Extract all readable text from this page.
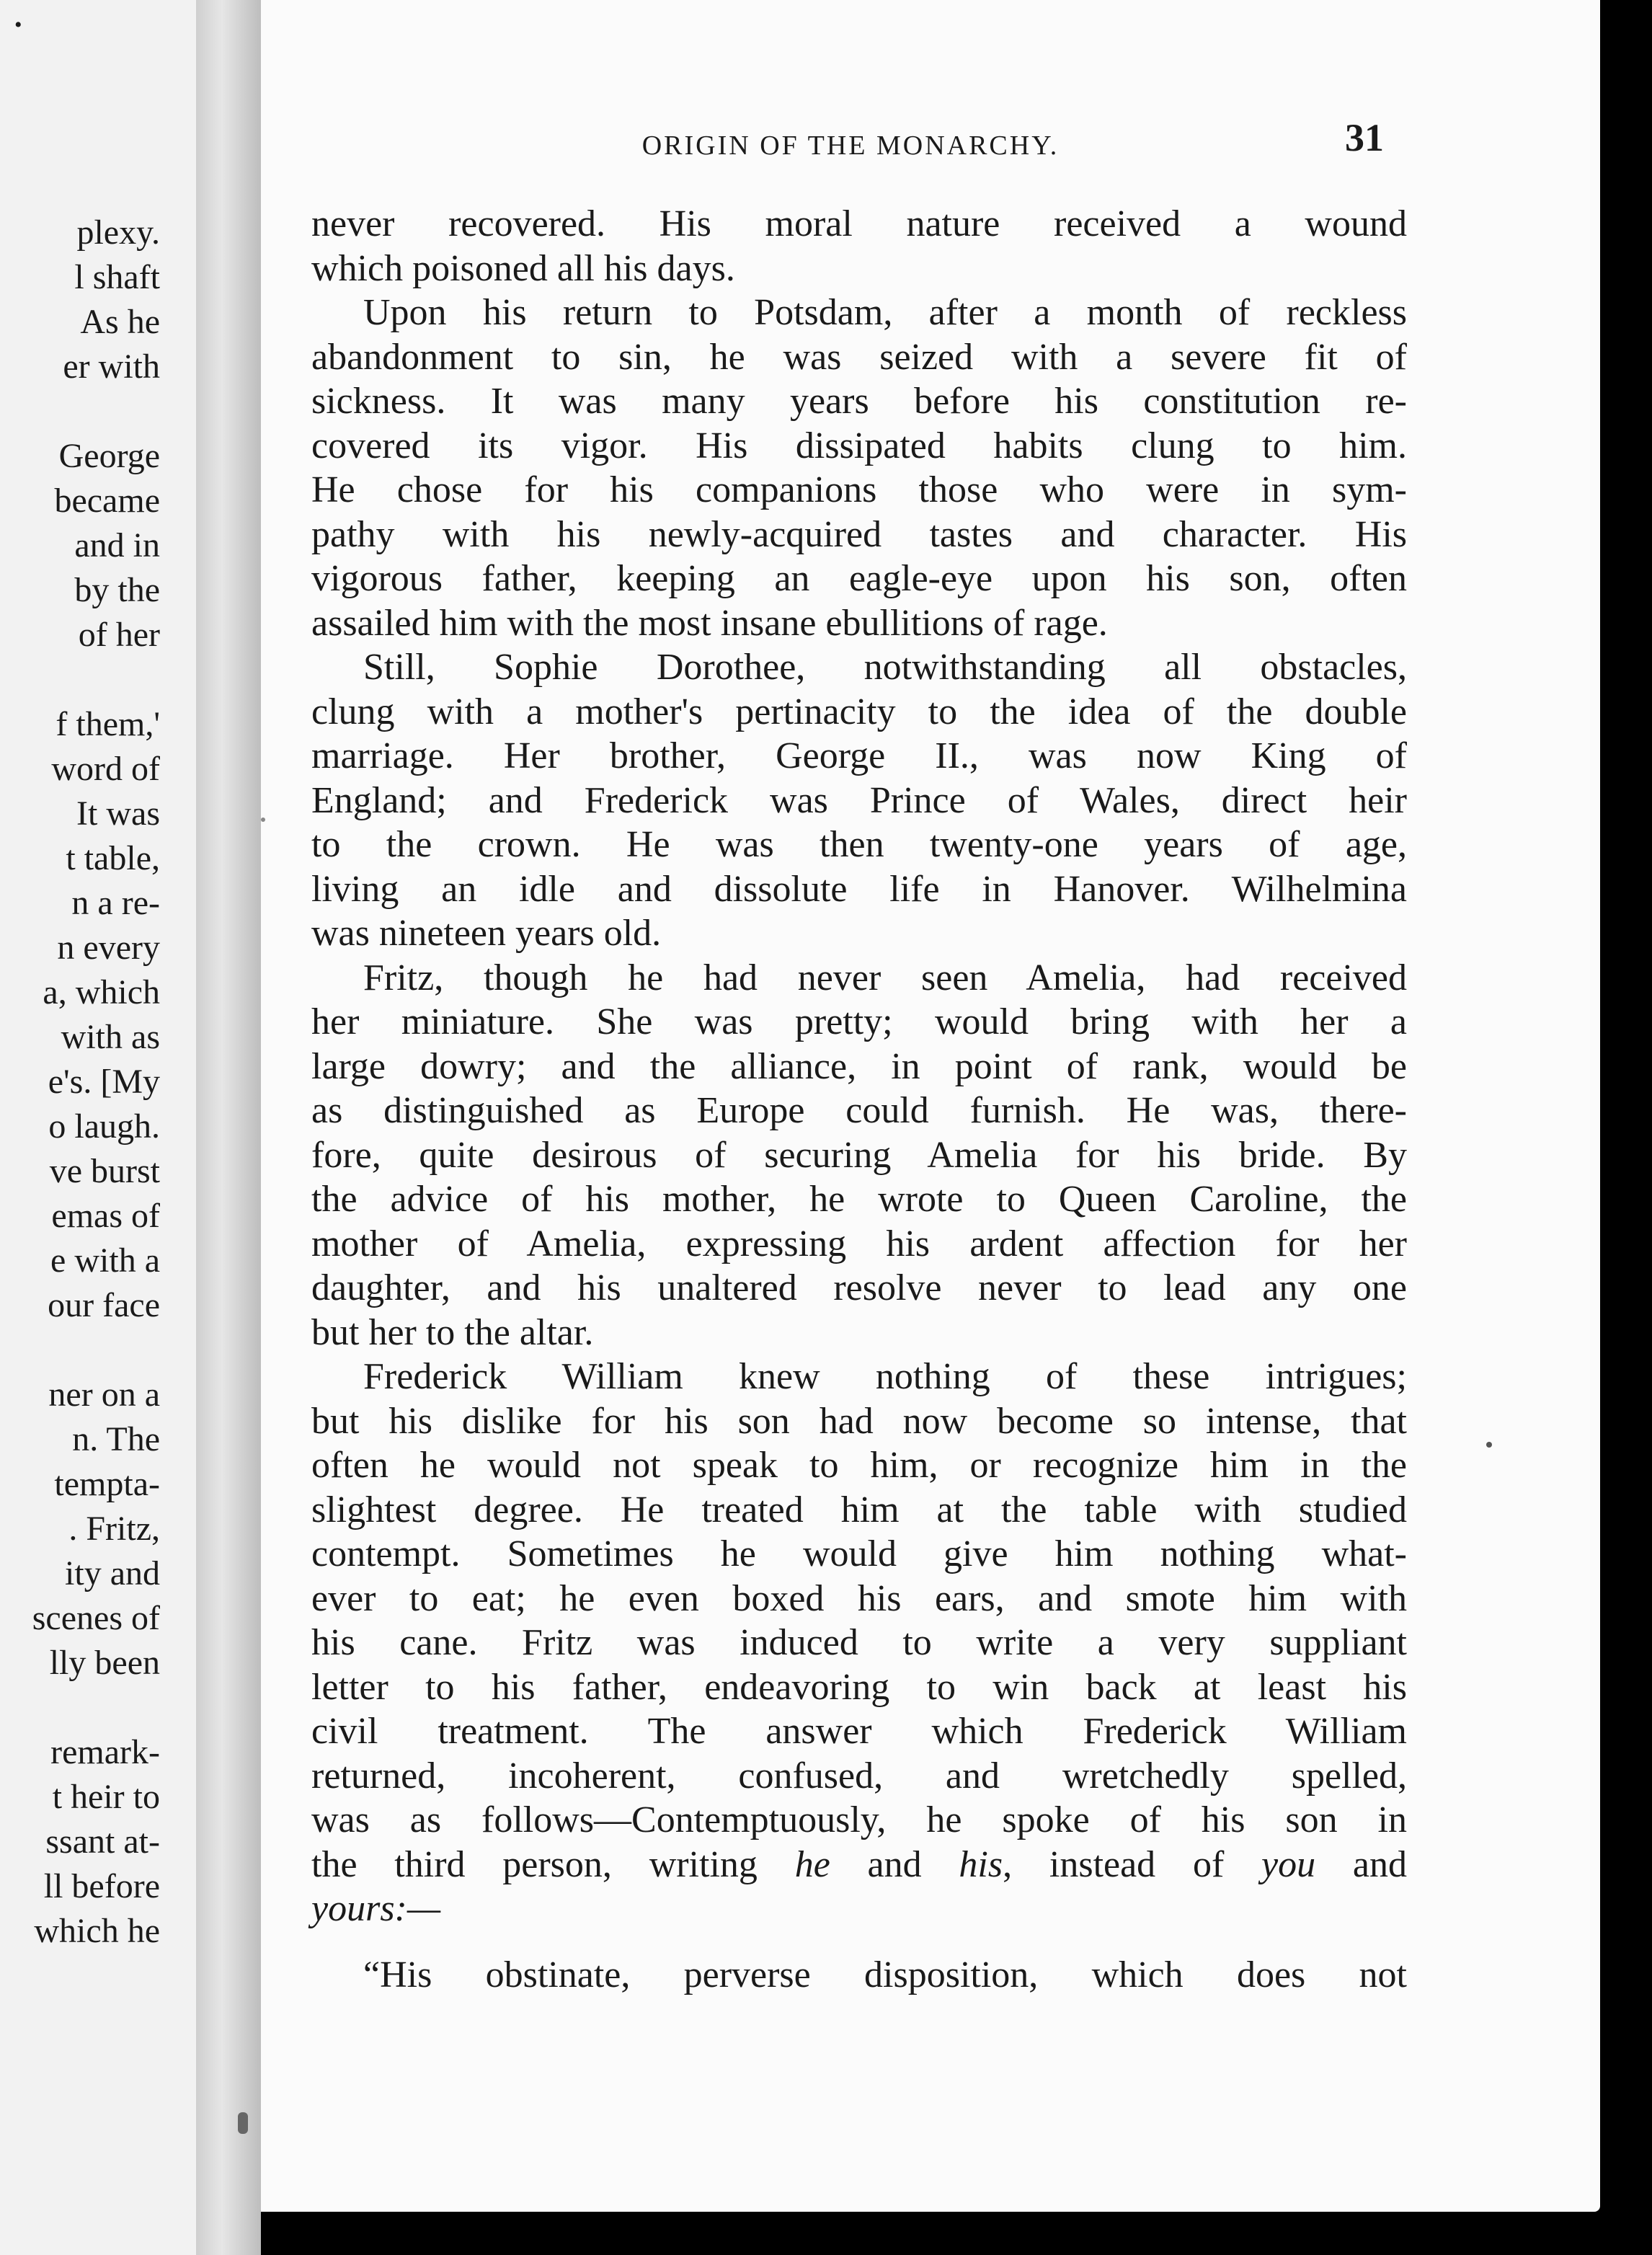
•
plexy.
l shaft
As he
er with
George
became
and in
by the
of her
f them,'
word of
It was
t table,
n a re-
n every
a, which
with as
e's. [My
o laugh.
ve burst
emas of
e with a
our face
ner on a
n. The
tempta-
. Fritz,
ity and
scenes of
lly been
remark-
t heir to
ssant at-
ll before
which he
ORIGIN OF THE MONARCHY.	31
never recovered. His moral nature received a wound
which poisoned all his days.
Upon his return to Potsdam, after a month of reckless
abandonment to sin, he was seized with a severe fit of
sickness. It was many years before his constitution re-
covered its vigor. His dissipated habits clung to him.
He chose for his companions those who were in sym-
pathy with his newly-acquired tastes and character. His
vigorous father, keeping an eagle-eye upon his son, often
assailed him with the most insane ebullitions of rage.
Still, Sophie Dorothee, notwithstanding all obstacles,
clung with a mother's pertinacity to the idea of the double
marriage. Her brother, George II., was now King of
England; and Frederick was Prince of Wales, direct heir
to the crown. He was then twenty-one years of age,
living an idle and dissolute life in Hanover. Wilhelmina
was nineteen years old.
Fritz, though he had never seen Amelia, had received
her miniature. She was pretty; would bring with her a
large dowry; and the alliance, in point of rank, would be
as distinguished as Europe could furnish. He was, there-
fore, quite desirous of securing Amelia for his bride. By
the advice of his mother, he wrote to Queen Caroline, the
mother of Amelia, expressing his ardent affection for her
daughter, and his unaltered resolve never to lead any one
but her to the altar.
Frederick William knew nothing of these intrigues;
but his dislike for his son had now become so intense, that
often he would not speak to him, or recognize him in the
slightest degree. He treated him at the table with studied
contempt. Sometimes he would give him nothing what-
ever to eat; he even boxed his ears, and smote him with
his cane. Fritz was induced to write a very suppliant
letter to his father, endeavoring to win back at least his
civil treatment. The answer which Frederick William
returned, incoherent, confused, and wretchedly spelled,
was as follows—Contemptuously, he spoke of his son in
the third person, writing he and his, instead of you and
yours:—
“His obstinate, perverse disposition, which does not
